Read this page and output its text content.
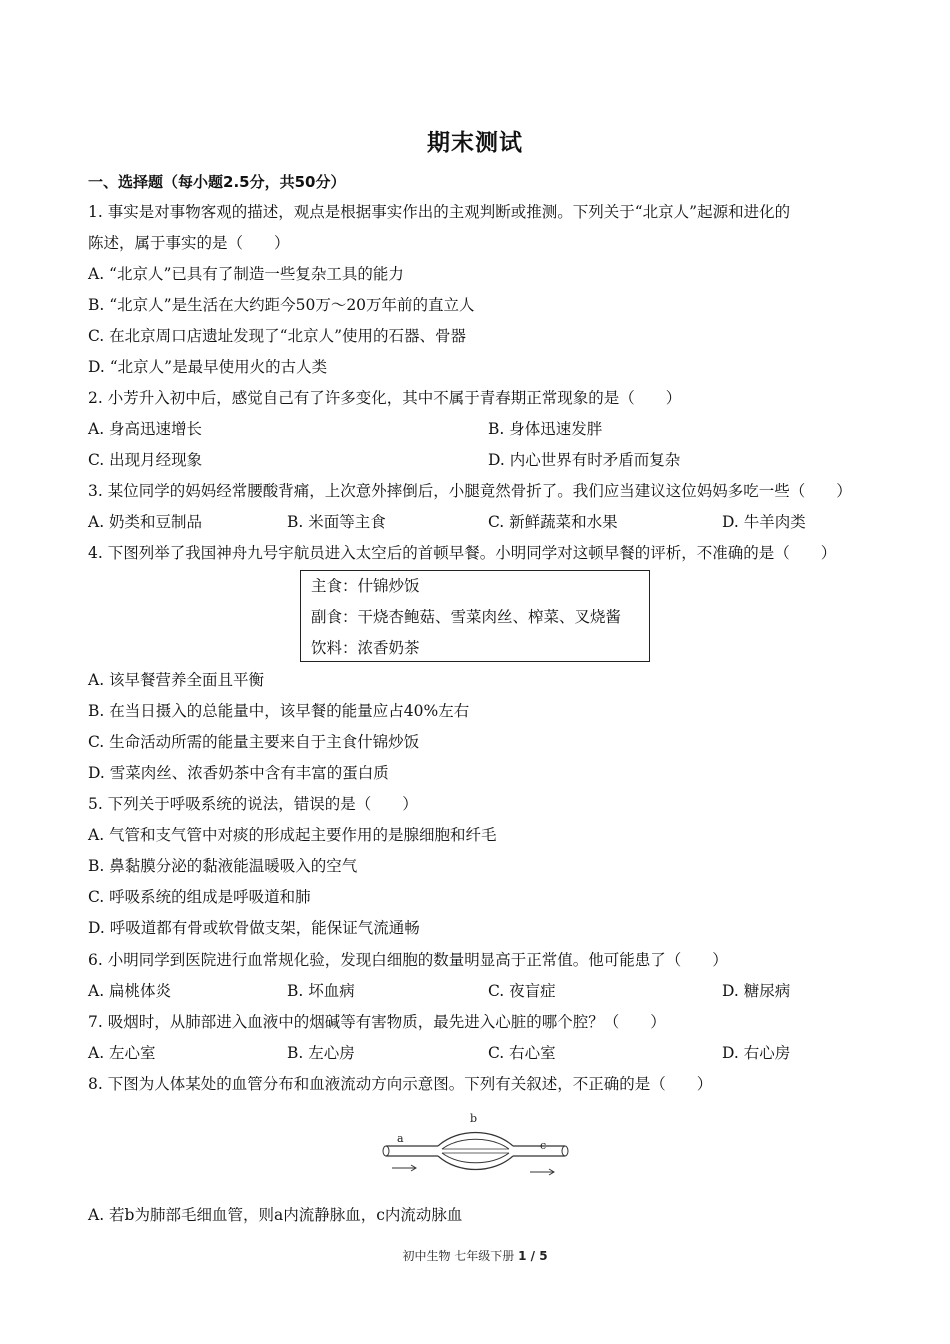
期末测试
一、选择题（每小题2.5分，共50分）
1. 事实是对事物客观的描述，观点是根据事实作出的主观判断或推测。下列关于“北京人”起源和进化的
陈述，属于事实的是（　　）
A. “北京人”已具有了制造一些复杂工具的能力
B. “北京人”是生活在大约距今50万～20万年前的直立人
C. 在北京周口店遗址发现了“北京人”使用的石器、骨器
D. “北京人”是最早使用火的古人类
2. 小芳升入初中后，感觉自己有了许多变化，其中不属于青春期正常现象的是（　　）
A. 身高迅速增长	B. 身体迅速发胖
C. 出现月经现象	D. 内心世界有时矛盾而复杂
3. 某位同学的妈妈经常腰酸背痛，上次意外摔倒后，小腿竟然骨折了。我们应当建议这位妈妈多吃一些（　　）
A. 奶类和豆制品	B. 米面等主食	C. 新鲜蔬菜和水果	D. 牛羊肉类
4. 下图列举了我国神舟九号宇航员进入太空后的首顿早餐。小明同学对这顿早餐的评析，不准确的是（　　）
主食：什锦炒饭
副食：干烧杏鲍菇、雪菜肉丝、榨菜、叉烧酱
饮料：浓香奶茶
A. 该早餐营养全面且平衡
B. 在当日摄入的总能量中，该早餐的能量应占40%左右
C. 生命活动所需的能量主要来自于主食什锦炒饭
D. 雪菜肉丝、浓香奶茶中含有丰富的蛋白质
5. 下列关于呼吸系统的说法，错误的是（　　）
A. 气管和支气管中对痰的形成起主要作用的是腺细胞和纤毛
B. 鼻黏膜分泌的黏液能温暖吸入的空气
C. 呼吸系统的组成是呼吸道和肺
D. 呼吸道都有骨或软骨做支架，能保证气流通畅
6. 小明同学到医院进行血常规化验，发现白细胞的数量明显高于正常值。他可能患了（　　）
A. 扁桃体炎	B. 坏血病	C. 夜盲症	D. 糖尿病
7. 吸烟时，从肺部进入血液中的烟碱等有害物质，最先进入心脏的哪个腔？（　　）
A. 左心室	B. 左心房	C. 右心室	D. 右心房
8. 下图为人体某处的血管分布和血液流动方向示意图。下列有关叙述，不正确的是（　　）
a
b
c
A. 若b为肺部毛细血管，则a内流静脉血，c内流动脉血
初中生物 七年级下册 1 / 5
